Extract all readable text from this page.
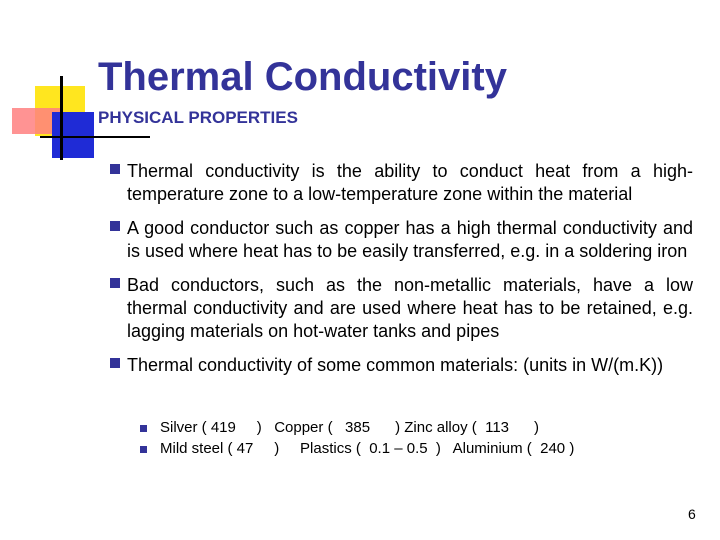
Thermal Conductivity
PHYSICAL PROPERTIES
Thermal conductivity is the ability to conduct heat from a high-temperature zone to a low-temperature zone within the material
A good conductor such as copper has a high thermal conductivity and is used where heat has to be easily transferred, e.g. in a soldering iron
Bad conductors, such as the non-metallic materials, have a low thermal conductivity and are used where heat has to be retained, e.g. lagging materials on hot-water tanks and pipes
Thermal conductivity of some common materials: (units in W/(m.K))
Silver ( 419     )   Copper (   385      ) Zinc alloy (  113      )
Mild steel ( 47     )     Plastics (  0.1 – 0.5  )   Aluminium (  240 )
6
